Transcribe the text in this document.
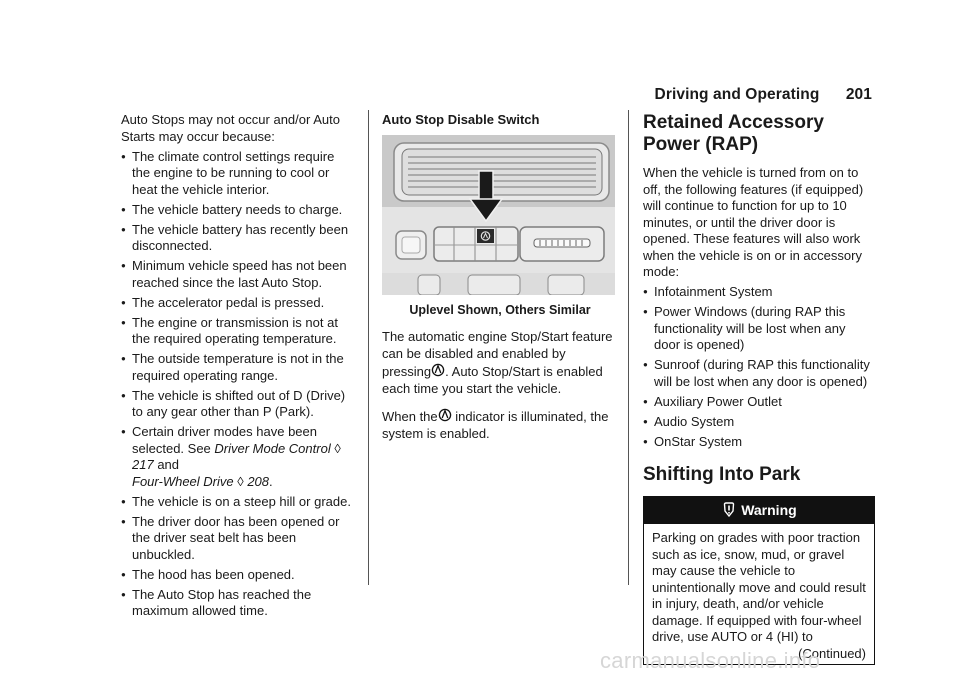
Driving and Operating 201

Auto Stops may not occur and/or Auto Starts may occur because:

● The climate control settings require the engine to be running to cool or heat the vehicle interior.
● The vehicle battery needs to charge.
● The vehicle battery has recently been disconnected.
● Minimum vehicle speed has not been reached since the last Auto Stop.
● The accelerator pedal is pressed.
● The engine or transmission is not at the required operating temperature.
● The outside temperature is not in the required operating range.
● The vehicle is shifted out of D (Drive) to any gear other than P (Park).
● Certain driver modes have been selected. See Driver Mode Control ◊ 217 and
Four-Wheel Drive ◊ 208.
● The vehicle is on a steep hill or grade.
● The driver door has been opened or the driver seat belt has been unbuckled.
● The hood has been opened.
● The Auto Stop has reached the maximum allowed time.

Auto Stop Disable Switch

Uplevel Shown, Others Similar

The automatic engine Stop/Start feature can be disabled and enabled by pressing . Auto Stop/Start is enabled each time you start the vehicle.

When the indicator is illuminated, the system is enabled.

Retained Accessory Power (RAP)

When the vehicle is turned from on to off, the following features (if equipped) will continue to function for up to 10 minutes, or until the driver door is opened. These features will also work when the vehicle is on or in accessory mode:

● Infotainment System
● Power Windows (during RAP this functionality will be lost when any door is opened)
● Sunroof (during RAP this functionality will be lost when any door is opened)
● Auxiliary Power Outlet
● Audio System
● OnStar System
Shifting Into Park
Warning

Parking on grades with poor traction such as ice, snow, mud, or gravel may cause the vehicle to unintentionally move and could result in injury, death, and/or vehicle damage. If equipped with four-wheel drive, use AUTO or 4 (HI) to

(Continued)

carmanualsonline.info
